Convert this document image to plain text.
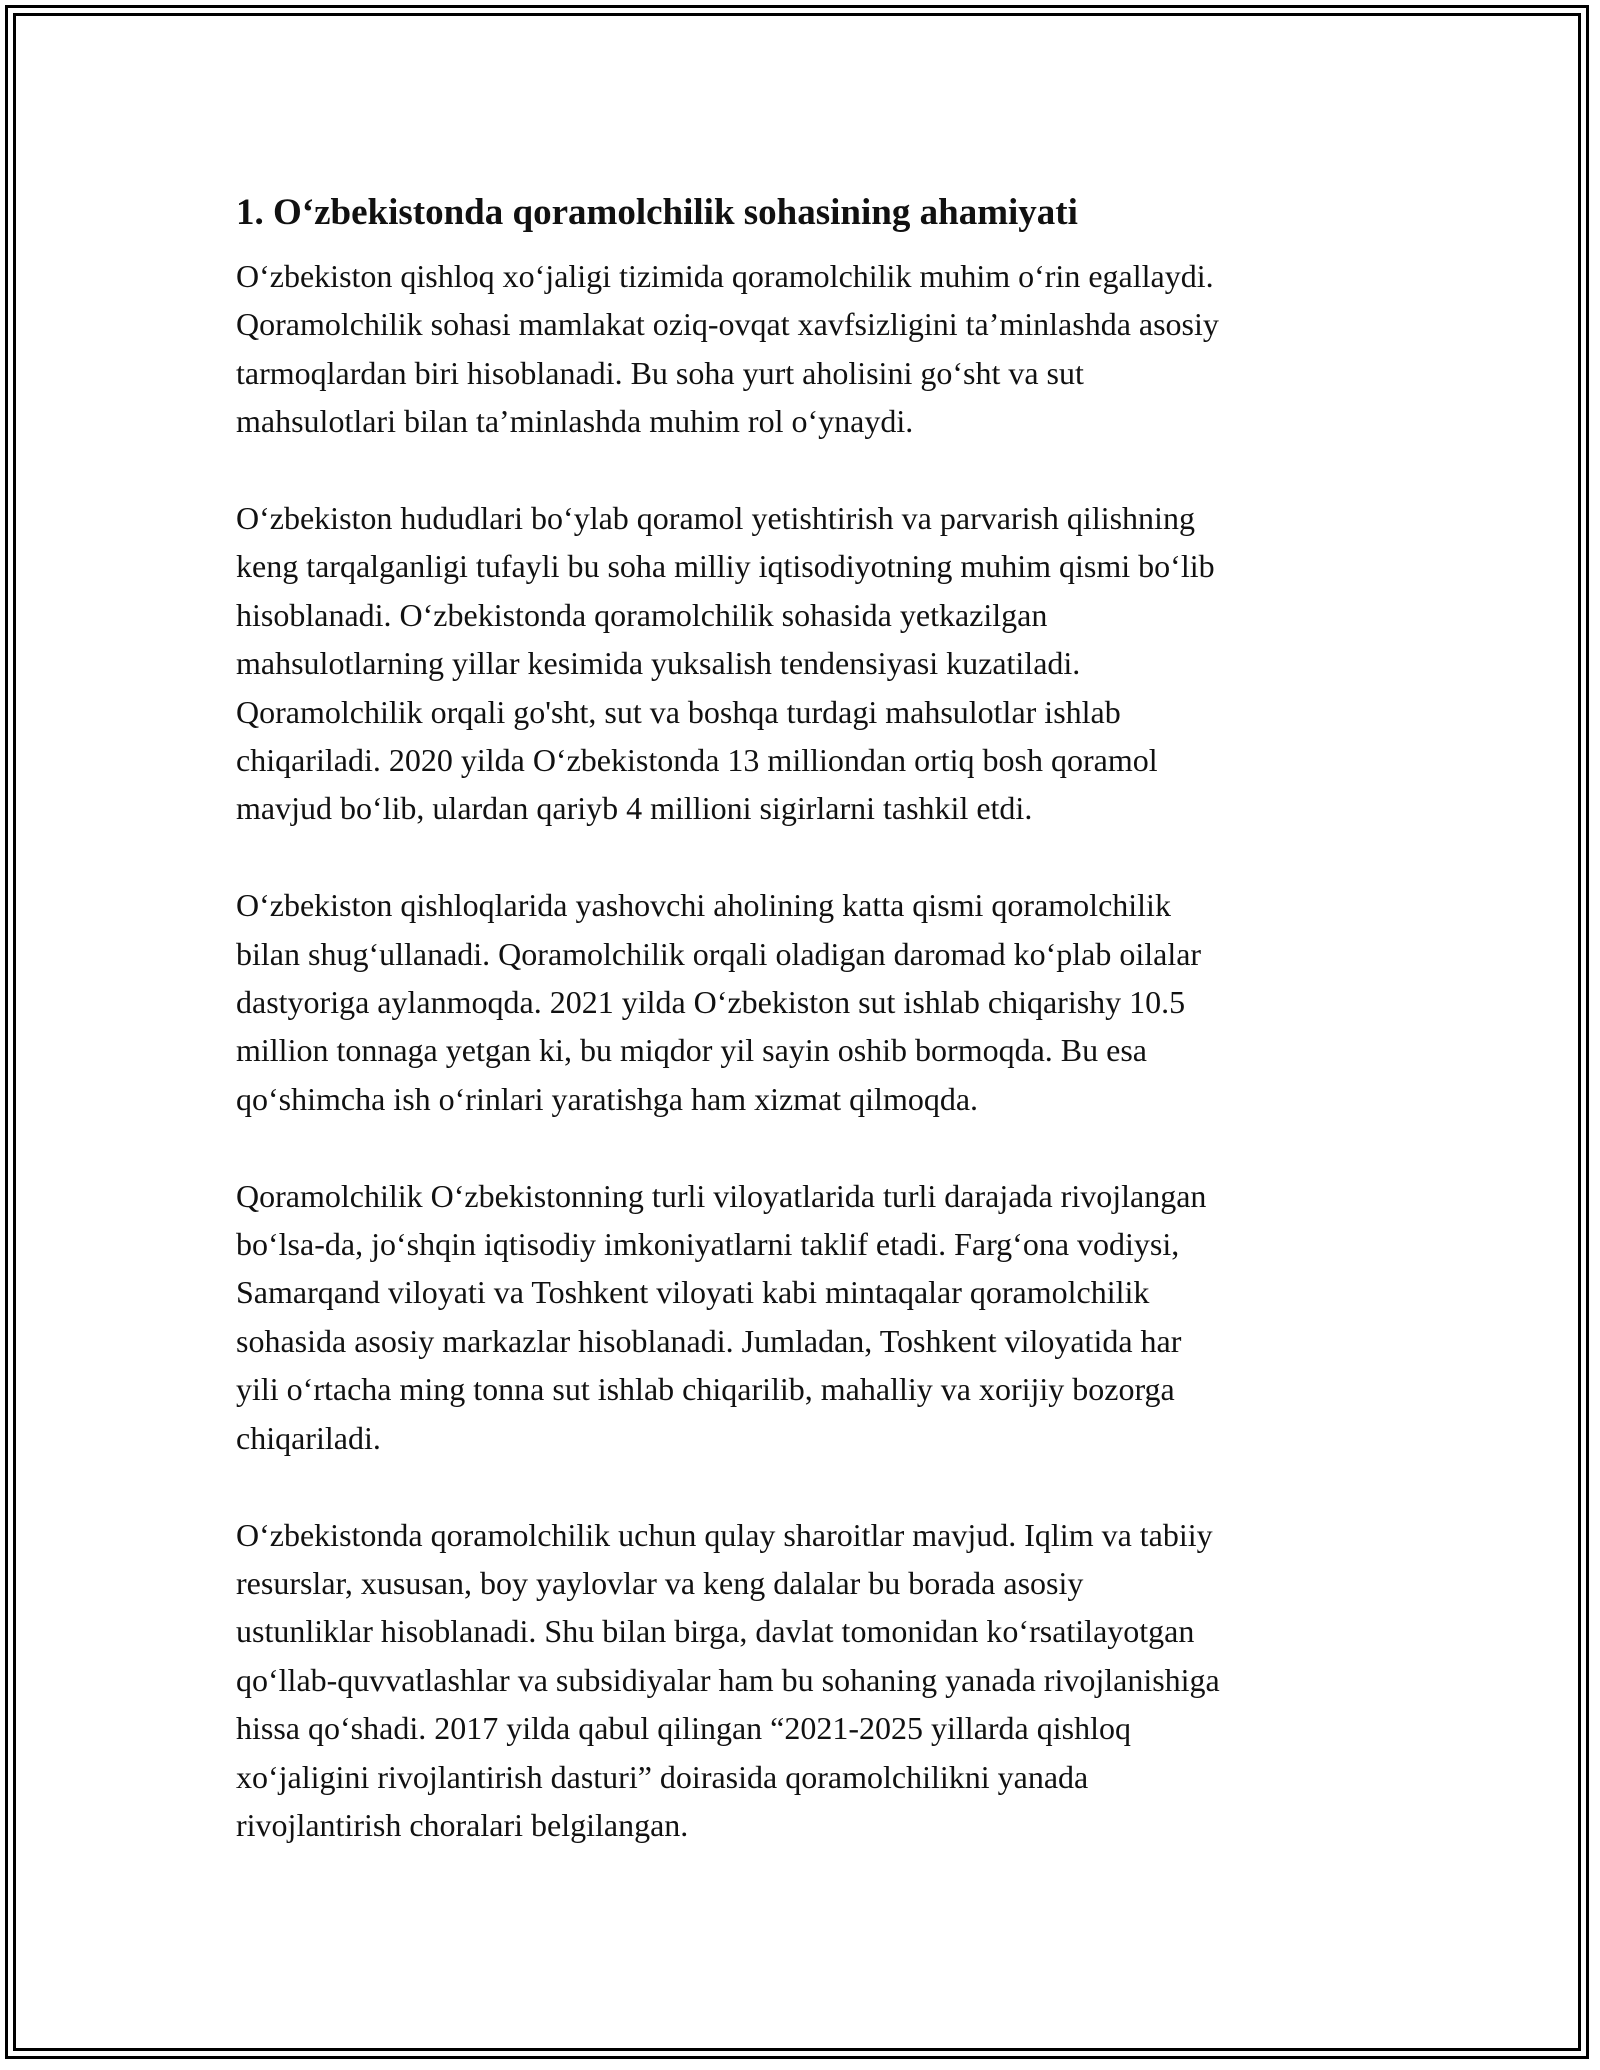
1. O‘zbekistonda qoramolchilik sohasining ahamiyati

O‘zbekiston qishloq xo‘jaligi tizimida qoramolchilik muhim o‘rin egallaydi.
Qoramolchilik sohasi mamlakat oziq-ovqat xavfsizligini ta’minlashda asosiy
tarmoqlardan biri hisoblanadi. Bu soha yurt aholisini go‘sht va sut
mahsulotlari bilan ta’minlashda muhim rol o‘ynaydi.

O‘zbekiston hududlari bo‘ylab qoramol yetishtirish va parvarish qilishning
keng tarqalganligi tufayli bu soha milliy iqtisodiyotning muhim qismi bo‘lib
hisoblanadi. O‘zbekistonda qoramolchilik sohasida yetkazilgan
mahsulotlarning yillar kesimida yuksalish tendensiyasi kuzatiladi.
Qoramolchilik orqali go'sht, sut va boshqa turdagi mahsulotlar ishlab
chiqariladi. 2020 yilda O‘zbekistonda 13 milliondan ortiq bosh qoramol
mavjud bo‘lib, ulardan qariyb 4 millioni sigirlarni tashkil etdi.

O‘zbekiston qishloqlarida yashovchi aholining katta qismi qoramolchilik
bilan shug‘ullanadi. Qoramolchilik orqali oladigan daromad ko‘plab oilalar
dastyoriga aylanmoqda. 2021 yilda O‘zbekiston sut ishlab chiqarishy 10.5
million tonnaga yetgan ki, bu miqdor yil sayin oshib bormoqda. Bu esa
qo‘shimcha ish o‘rinlari yaratishga ham xizmat qilmoqda.

Qoramolchilik O‘zbekistonning turli viloyatlarida turli darajada rivojlangan
bo‘lsa-da, jo‘shqin iqtisodiy imkoniyatlarni taklif etadi. Farg‘ona vodiysi,
Samarqand viloyati va Toshkent viloyati kabi mintaqalar qoramolchilik
sohasida asosiy markazlar hisoblanadi. Jumladan, Toshkent viloyatida har
yili o‘rtacha ming tonna sut ishlab chiqarilib, mahalliy va xorijiy bozorga
chiqariladi.

O‘zbekistonda qoramolchilik uchun qulay sharoitlar mavjud. Iqlim va tabiiy
resurslar, xususan, boy yaylovlar va keng dalalar bu borada asosiy
ustunliklar hisoblanadi. Shu bilan birga, davlat tomonidan ko‘rsatilayotgan
qo‘llab-quvvatlashlar va subsidiyalar ham bu sohaning yanada rivojlanishiga
hissa qo‘shadi. 2017 yilda qabul qilingan “2021-2025 yillarda qishloq
xo‘jaligini rivojlantirish dasturi” doirasida qoramolchilikni yanada
rivojlantirish choralari belgilangan.
